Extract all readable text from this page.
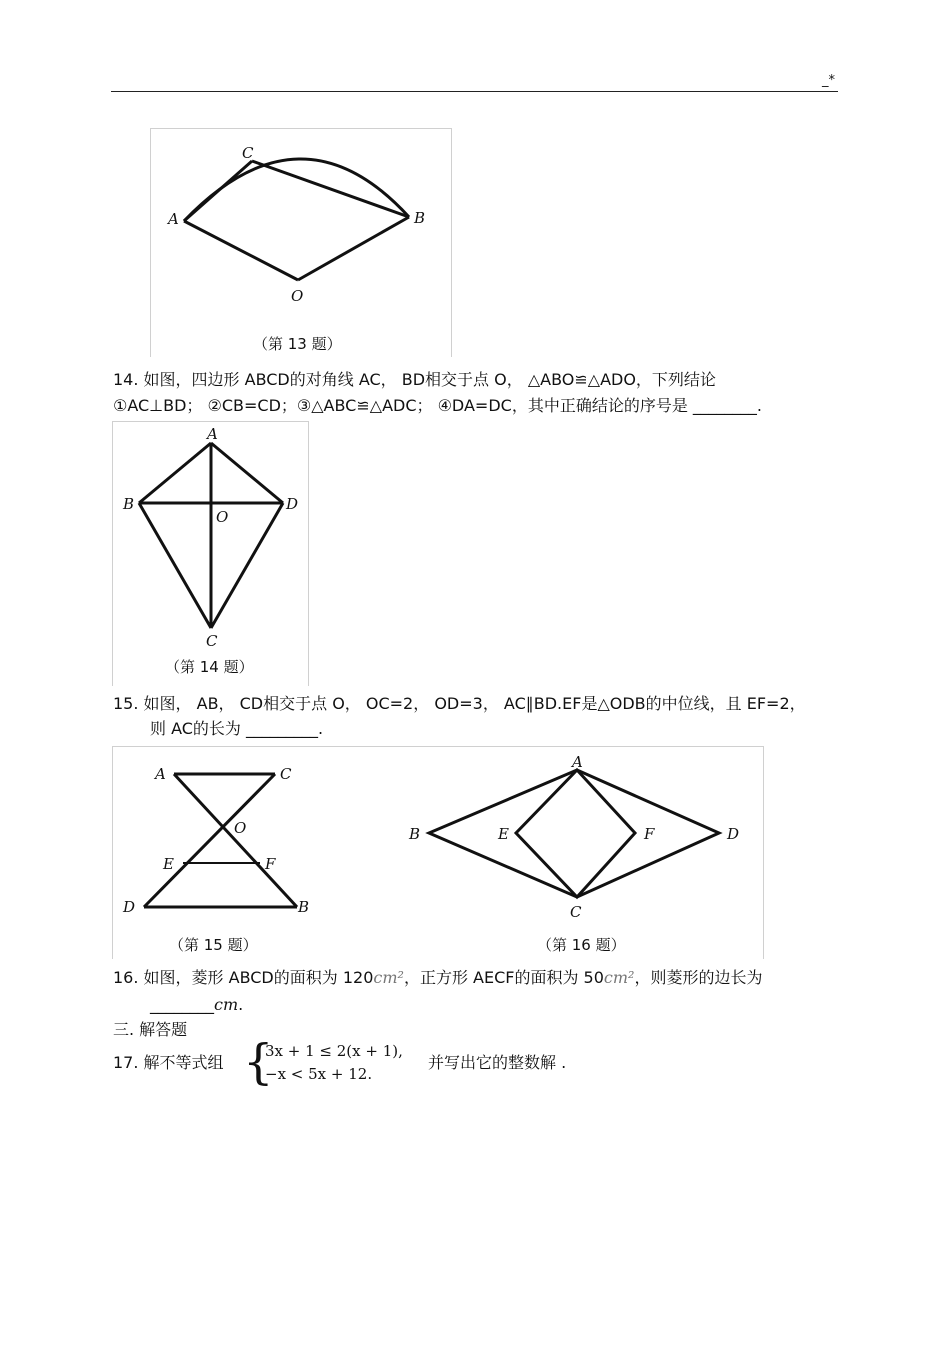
_*
A
C
B
O
（第 13 题）
14. 如图，四边形 ABCD的对角线 AC， BD相交于点 O， △ABO≌△ADO，下列结论
①AC⊥BD； ②CB=CD；③△ABC≌△ADC； ④DA=DC，其中正确结论的序号是 ________.
A
B	D
O
C
（第 14 题）
15. 如图， AB， CD相交于点 O， OC=2， OD=3， AC∥BD.EF是△ODB的中位线，且 EF=2，
则 AC的长为 _________.
A	C
O
E	F
D	B
（第 15 题）
A
B	E	F	D
C
（第 16 题）
16. 如图，菱形 ABCD的面积为 120cm²，正方形 AECF的面积为 50cm²，则菱形的边长为
________cm.
三. 解答题
17. 解不等式组 {
3x + 1 ≤ 2(x + 1),
−x < 5x + 12.
并写出它的整数解 .
